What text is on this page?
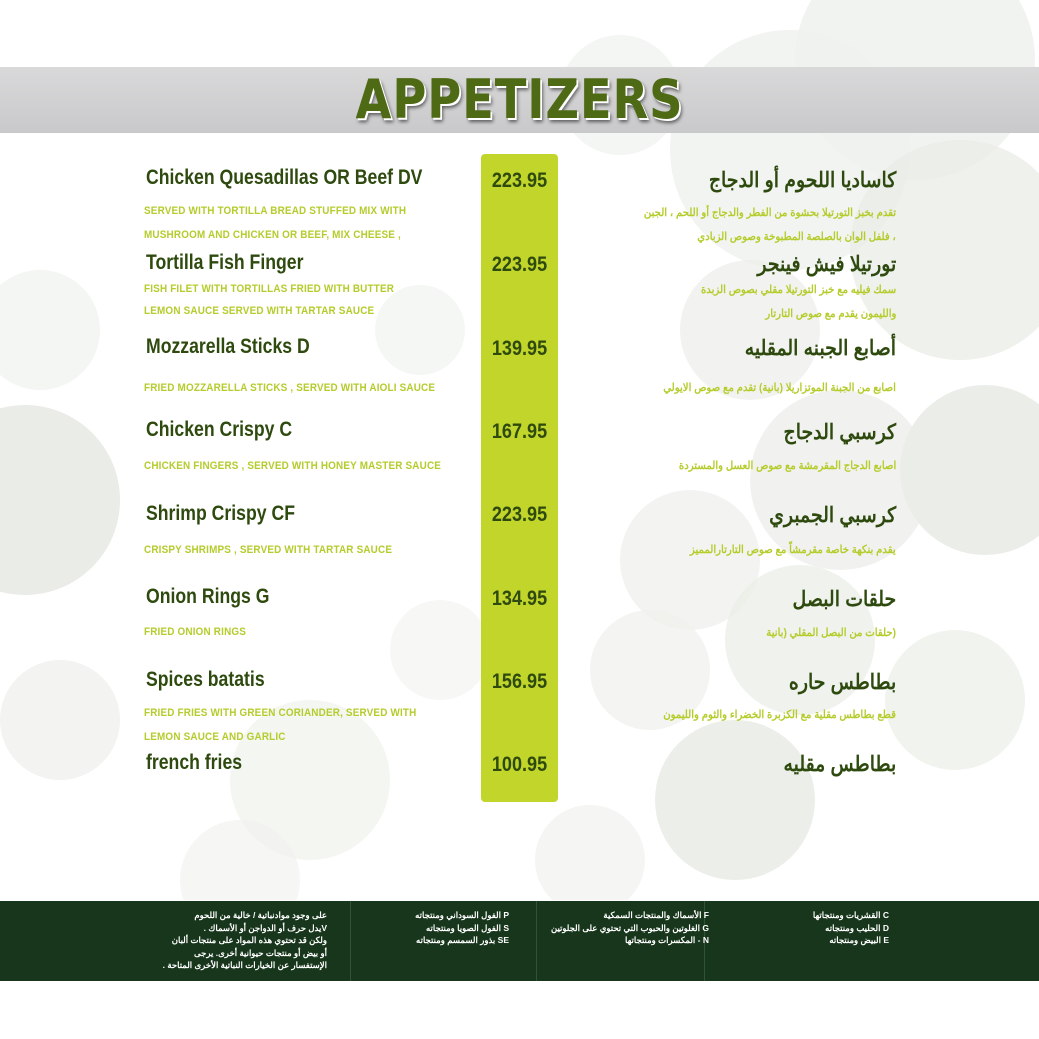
APPETIZERS
Chicken Quesadillas OR Beef DV	223.95	كاساديا اللحوم أو الدجاج
SERVED WITH TORTILLA BREAD STUFFED MIX WITH
MUSHROOM AND CHICKEN OR BEEF, MIX CHEESE ,
تقدم بخبز التورتيلا بحشوة من الفطر والدجاج أو اللحم ، الجبن
، فلفل الوان بالصلصة المطبوخة وصوص الزبادي
Tortilla Fish Finger	223.95	تورتيلا فيش فينجر
FISH FILET WITH TORTILLAS FRIED WITH BUTTER
LEMON SAUCE SERVED WITH TARTAR SAUCE
سمك فيليه مع خبز التورتيلا مقلي بصوص الزبدة
والليمون يقدم مع صوص التارتار
Mozzarella Sticks D	139.95	أصابع الجبنه المقليه
FRIED MOZZARELLA STICKS , SERVED WITH AIOLI SAUCE	اصابع من الجبنة الموتزاريلا (بانية) تقدم مع صوص الايولي
Chicken Crispy C	167.95	كرسبي الدجاج
CHICKEN FINGERS , SERVED WITH HONEY MASTER SAUCE	اصابع الدجاج المقرمشة مع صوص العسل والمستردة
Shrimp Crispy CF	223.95	كرسبي الجمبري
CRISPY SHRIMPS , SERVED WITH TARTAR SAUCE	يقدم بنكهة خاصة مقرمشاً مع صوص التارتارالمميز
Onion Rings G	134.95	حلقات البصل
FRIED ONION RINGS	(حلقات من البصل المقلي (بانية
Spices batatis	156.95	بطاطس حاره
FRIED FRIES WITH GREEN CORIANDER, SERVED WITH
LEMON SAUCE AND GARLIC
قطع بطاطس مقلية مع الكزبرة الخضراء والثوم والليمون
french fries	100.95	بطاطس مقليه
C القشريات ومنتجاتها
D الحليب ومنتجاته
E البيض ومنتجاته
F الأسماك والمنتجات السمكية
G الغلوتين والحبوب التي تحتوي على الجلوتين
N - المكسرات ومنتجاتها
P الفول السوداني ومنتجاته
S الفول الصويا ومنتجاته
SE بذور السمسم ومنتجاته
على وجود موادنباتية / خالية من اللحوم
Vيدل حرف أو الدواجن أو الأسماك .
ولكن قد تحتوي هذه المواد على منتجات ألبان
أو بيض أو منتجات حيوانية أخرى. يرجى
الإستفسار عن الخيارات النباتية الأخرى المتاحة .
